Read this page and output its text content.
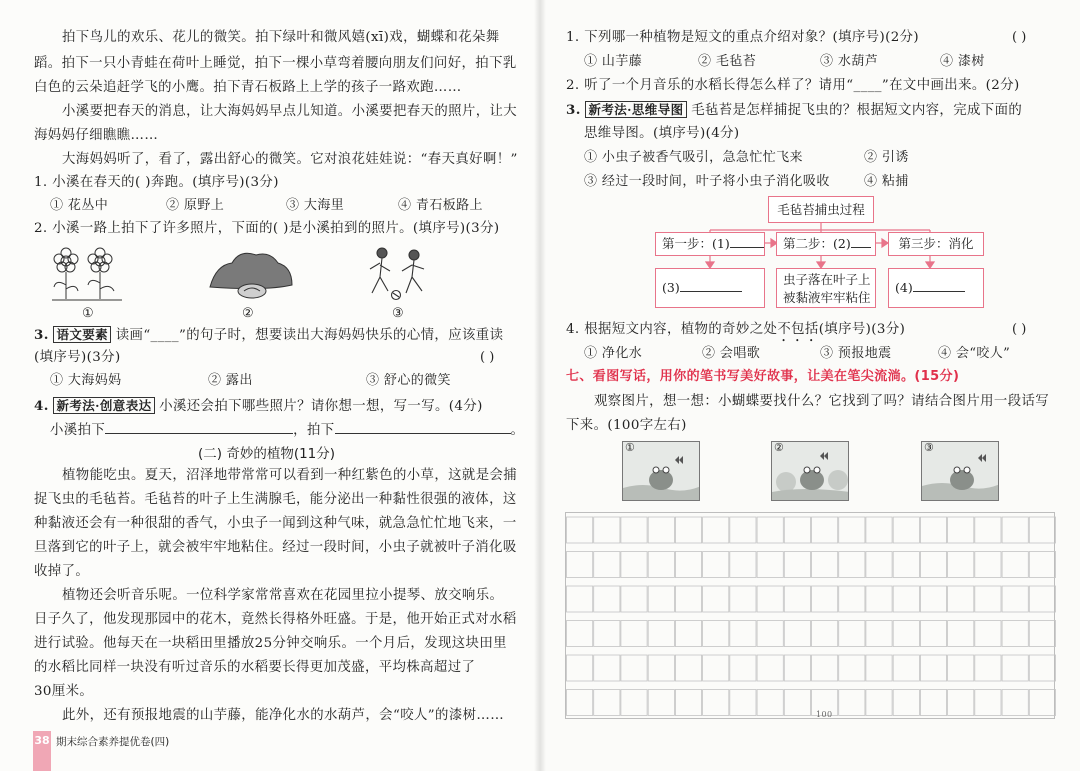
拍下鸟儿的欢乐、花儿的微笑。拍下绿叶和微风嬉(xī)戏，蝴蝶和花朵舞
蹈。拍下一只小青蛙在荷叶上睡觉，拍下一棵小草弯着腰向朋友们问好，拍下乳
白色的云朵追赶学飞的小鹰。拍下青石板路上上学的孩子一路欢跑……
小溪要把春天的消息，让大海妈妈早点儿知道。小溪要把春天的照片，让大
海妈妈仔细瞧瞧……
大海妈妈听了，看了，露出舒心的微笑。它对浪花娃娃说：“春天真好啊！”
1. 小溪在春天的( )奔跑。(填序号)(3分)
① 花丛中	② 原野上	③ 大海里	④ 青石板路上
2. 小溪一路上拍下了许多照片，下面的( )是小溪拍到的照片。(填序号)(3分)
①	②	③
3. 语文要素 读画“____”的句子时，想要读出大海妈妈快乐的心情，应该重读
(填序号)(3分)	( )
① 大海妈妈	② 露出	③ 舒心的微笑
4. 新考法·创意表达 小溪还会拍下哪些照片？请你想一想，写一写。(4分)
小溪拍下	，拍下	。
(二) 奇妙的植物(11分)
植物能吃虫。夏天，沼泽地带常常可以看到一种红紫色的小草，这就是会捕
捉飞虫的毛毡苔。毛毡苔的叶子上生满腺毛，能分泌出一种黏性很强的液体，这
种黏液还会有一种很甜的香气，小虫子一闻到这种气味，就急急忙忙地飞来，一
旦落到它的叶子上，就会被牢牢地粘住。经过一段时间，小虫子就被叶子消化吸
收掉了。
植物还会听音乐呢。一位科学家常常喜欢在花园里拉小提琴、放交响乐。
日子久了，他发现那园中的花木，竟然长得格外旺盛。于是，他开始正式对水稻
进行试验。他每天在一块稻田里播放25分钟交响乐。一个月后，发现这块田里
的水稻比同样一块没有听过音乐的水稻要长得更加茂盛，平均株高超过了
30厘米。
此外，还有预报地震的山芋藤，能净化水的水葫芦，会“咬人”的漆树……
38 期末综合素养提优卷(四)
1. 下列哪一种植物是短文的重点介绍对象？(填序号)(2分)	( )
① 山芋藤	② 毛毡苔	③ 水葫芦	④ 漆树
2. 听了一个月音乐的水稻长得怎么样了？请用“____”在文中画出来。(2分)
3. 新考法·思维导图 毛毡苔是怎样捕捉飞虫的？根据短文内容，完成下面的
思维导图。(填序号)(4分)
① 小虫子被香气吸引，急急忙忙飞来	② 引诱
③ 经过一段时间，叶子将小虫子消化吸收	④ 粘捕
毛毡苔捕虫过程
第一步：(1)	第二步：(2)	第三步：消化
(3)
虫子落在叶子上
被黏液牢牢粘住
(4)
4. 根据短文内容，植物的奇妙之处不包括(填序号)(3分)	( )
① 净化水	② 会唱歌	③ 预报地震	④ 会“咬人”
七、看图写话，用你的笔书写美好故事，让美在笔尖流淌。(15分)
观察图片，想一想：小蝴蝶要找什么？它找到了吗？请结合图片用一段话写
下来。(100字左右)
①	②	③
100
